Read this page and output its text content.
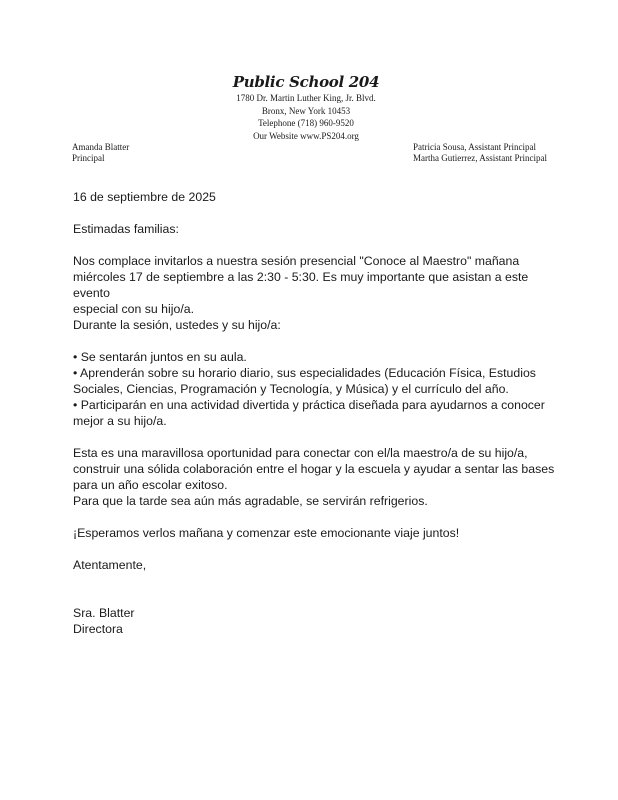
Public School 204
1780 Dr. Martin Luther King, Jr. Blvd.
Bronx, New York 10453
Telephone (718) 960-9520
Our Website www.PS204.org
Amanda Blatter
Principal
Patricia Sousa, Assistant Principal
Martha Gutierrez, Assistant Principal

16 de septiembre de 2025

Estimadas familias:

Nos complace invitarlos a nuestra sesión presencial "Conoce al Maestro" mañana

miércoles 17 de septiembre a las 2:30 - 5:30. Es muy importante que asistan a este evento

especial con su hijo/a.

Durante la sesión, ustedes y su hijo/a:

• Se sentarán juntos en su aula.

• Aprenderán sobre su horario diario, sus especialidades (Educación Física, Estudios

Sociales, Ciencias, Programación y Tecnología, y Música) y el currículo del año.

• Participarán en una actividad divertida y práctica diseñada para ayudarnos a conocer

mejor a su hijo/a.

Esta es una maravillosa oportunidad para conectar con el/la maestro/a de su hijo/a,

construir una sólida colaboración entre el hogar y la escuela y ayudar a sentar las bases

para un año escolar exitoso.

Para que la tarde sea aún más agradable, se servirán refrigerios.

¡Esperamos verlos mañana y comenzar este emocionante viaje juntos!

Atentamente,

Sra. Blatter

Directora
